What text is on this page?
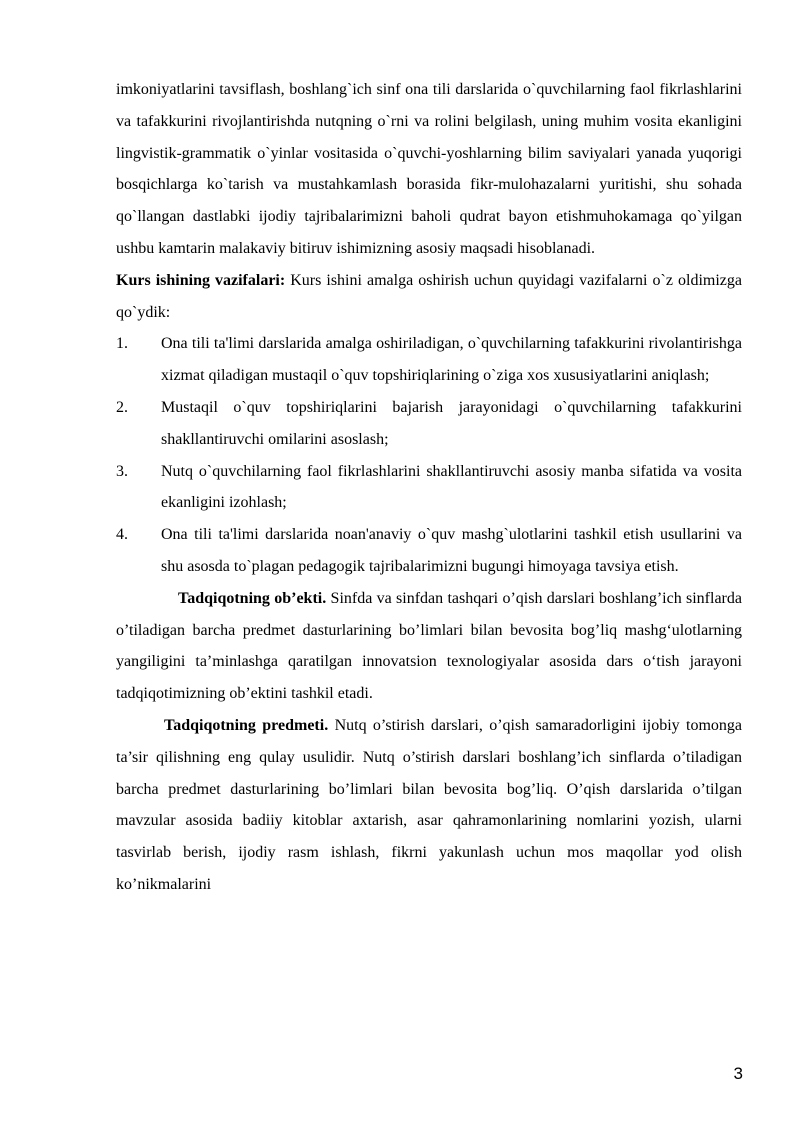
imkoniyatlarini tavsiflash, boshlang`ich sinf ona tili darslarida o`quvchilarning faol fikrlashlarini va tafakkurini rivojlantirishda nutqning o`rni va rolini belgilash, uning muhim vosita ekanligini lingvistik-grammatik o`yinlar vositasida o`quvchi-yoshlarning bilim saviyalari yanada yuqorigi bosqichlarga ko`tarish va mustahkamlash borasida fikr-mulohazalarni yuritishi, shu sohada qo`llangan dastlabki ijodiy tajribalarimizni baholi qudrat bayon etishmuhokamaga qo`yilgan ushbu kamtarin malakaviy bitiruv ishimizning asosiy maqsadi hisoblanadi.

Kurs ishining vazifalari: Kurs ishini amalga oshirish uchun quyidagi vazifalarni o`z oldimizga qo`ydik:

1.	Ona tili ta'limi darslarida amalga oshiriladigan, o`quvchilarning tafakkurini rivolantirishga xizmat qiladigan mustaqil o`quv topshiriqlarining o`ziga xos xususiyatlarini aniqlash;
2.	Mustaqil o`quv topshiriqlarini bajarish jarayonidagi o`quvchilarning tafakkurini shakllantiruvchi omilarini asoslash;
3.	Nutq o`quvchilarning faol fikrlashlarini shakllantiruvchi asosiy manba sifatida va vosita ekanligini izohlash;
4.	Ona tili ta'limi darslarida noan'anaviy o`quv mashg`ulotlarini tashkil etish usullarini va shu asosda to`plagan pedagogik tajribalarimizni bugungi himoyaga tavsiya etish.

Tadqiqotning ob’ekti. Sinfda va sinfdan tashqari o’qish darslari boshlang’ich sinflarda o’tiladigan barcha predmet dasturlarining bo’limlari bilan bevosita bog’liq mashg‘ulotlarning yangiligini ta’minlashga qaratilgan innovatsion texnologiyalar asosida dars o‘tish jarayoni tadqiqotimizning ob’ektini tashkil etadi.

Tadqiqotning predmeti. Nutq o’stirish darslari, o’qish samaradorligini ijobiy tomonga ta’sir qilishning eng qulay usulidir. Nutq o’stirish darslari boshlang’ich sinflarda o’tiladigan barcha predmet dasturlarining bo’limlari bilan bevosita bog’liq. O’qish darslarida o’tilgan mavzular asosida badiiy kitoblar axtarish, asar qahramonlarining nomlarini yozish, ularni tasvirlab berish, ijodiy rasm ishlash, fikrni yakunlash uchun mos maqollar yod olish ko’nikmalarini

3
